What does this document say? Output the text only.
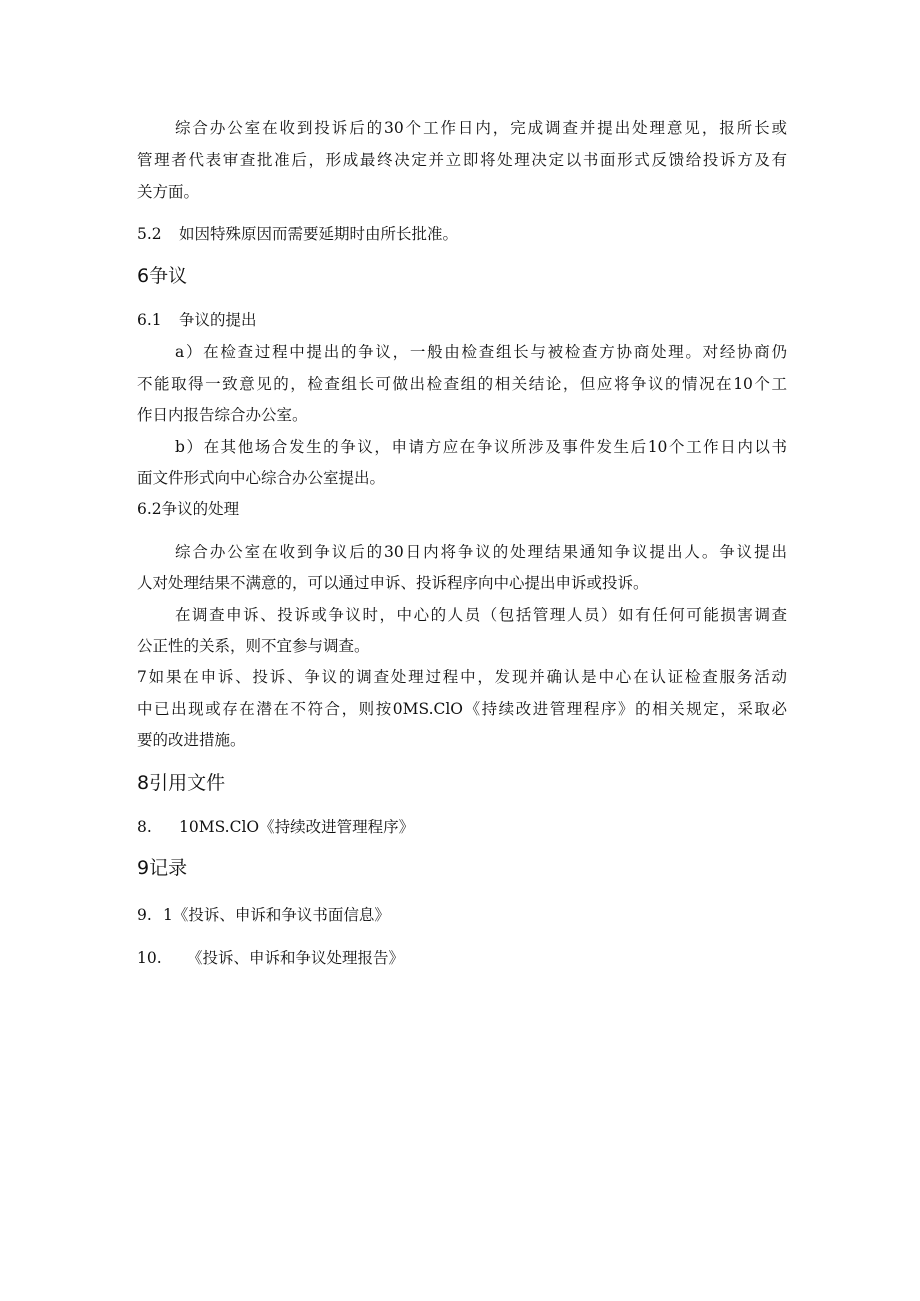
综合办公室在收到投诉后的30个工作日内，完成调查并提出处理意见，报所长或
管理者代表审查批准后，形成最终决定并立即将处理决定以书面形式反馈给投诉方及有
关方面。
5.2 如因特殊原因而需要延期时由所长批准。
6争议
6.1 争议的提出
a）在检查过程中提出的争议，一般由检查组长与被检查方协商处理。对经协商仍
不能取得一致意见的，检查组长可做出检查组的相关结论，但应将争议的情况在10个工
作日内报告综合办公室。
b）在其他场合发生的争议，申请方应在争议所涉及事件发生后10个工作日内以书
面文件形式向中心综合办公室提出。
6.2争议的处理
综合办公室在收到争议后的30日内将争议的处理结果通知争议提出人。争议提出
人对处理结果不满意的，可以通过申诉、投诉程序向中心提出申诉或投诉。
在调查申诉、投诉或争议时，中心的人员（包括管理人员）如有任何可能损害调查
公正性的关系，则不宜参与调查。
7如果在申诉、投诉、争议的调查处理过程中，发现并确认是中心在认证检查服务活动
中已出现或存在潜在不符合，则按0MS.ClO《持续改进管理程序》的相关规定，采取必
要的改进措施。
8引用文件
8. 10MS.ClO《持续改进管理程序》
9记录
9. 1《投诉、申诉和争议书面信息》
10. 《投诉、申诉和争议处理报告》
